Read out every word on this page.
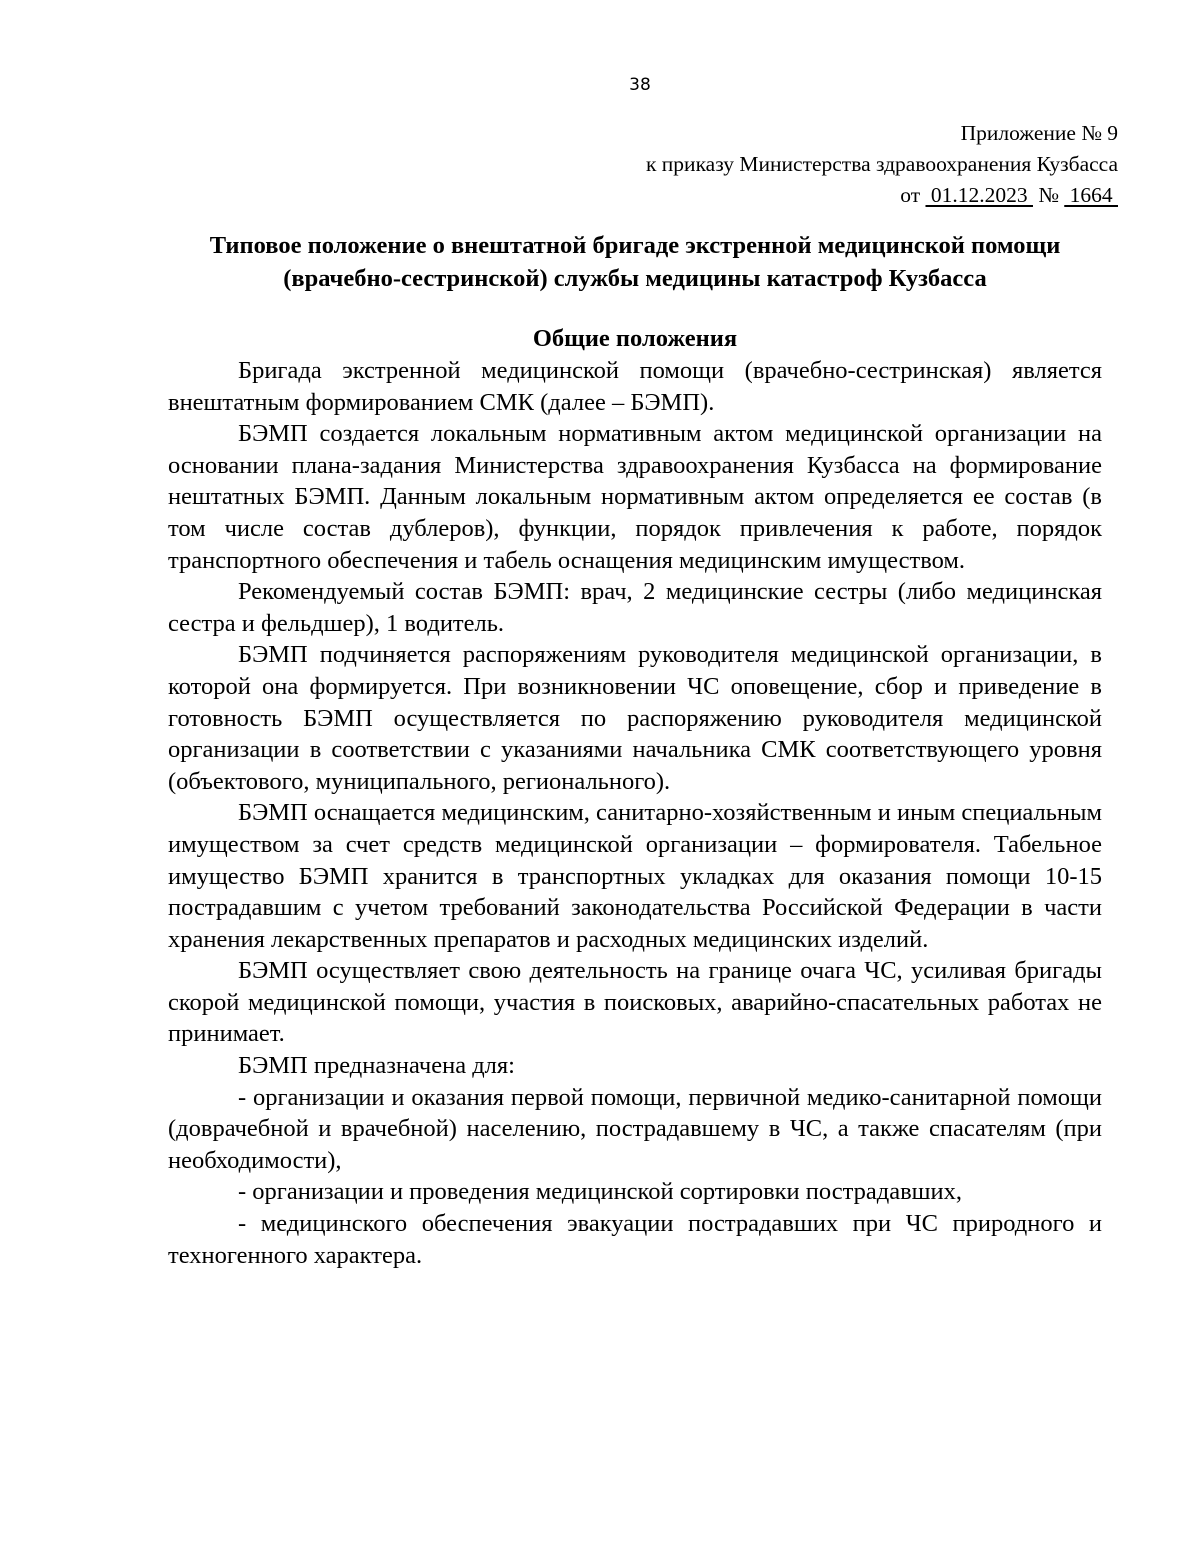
38
Приложение № 9
к приказу Министерства здравоохранения Кузбасса
от  01.12.2023  №  1664
Типовое положение о внештатной бригаде экстренной медицинской помощи (врачебно-сестринской) службы медицины катастроф Кузбасса
Общие положения

Бригада экстренной медицинской помощи (врачебно-сестринская) является внештатным формированием СМК (далее – БЭМП).

БЭМП создается локальным нормативным актом медицинской организации на основании плана-задания Министерства здравоохранения Кузбасса на формирование нештатных БЭМП. Данным локальным нормативным актом определяется ее состав (в том числе состав дублеров), функции, порядок привлечения к работе, порядок транспортного обеспечения и табель оснащения медицинским имуществом.

Рекомендуемый состав БЭМП: врач, 2 медицинские сестры (либо медицинская сестра и фельдшер), 1 водитель.

БЭМП подчиняется распоряжениям руководителя медицинской организации, в которой она формируется. При возникновении ЧС оповещение, сбор и приведение в готовность БЭМП осуществляется по распоряжению руководителя медицинской организации в соответствии с указаниями начальника СМК соответствующего уровня (объектового, муниципального, регионального).

БЭМП оснащается медицинским, санитарно-хозяйственным и иным специальным имуществом за счет средств медицинской организации – формирователя. Табельное имущество БЭМП хранится в транспортных укладках для оказания помощи 10-15 пострадавшим с учетом требований законодательства Российской Федерации в части хранения лекарственных препаратов и расходных медицинских изделий.

БЭМП осуществляет свою деятельность на границе очага ЧС, усиливая бригады скорой медицинской помощи, участия в поисковых, аварийно-спасательных работах не принимает.

БЭМП предназначена для:

- организации и оказания первой помощи, первичной медико-санитарной помощи (доврачебной и врачебной) населению, пострадавшему в ЧС, а также спасателям (при необходимости),

- организации и проведения медицинской сортировки пострадавших,

- медицинского обеспечения эвакуации пострадавших при ЧС природного и техногенного характера.
